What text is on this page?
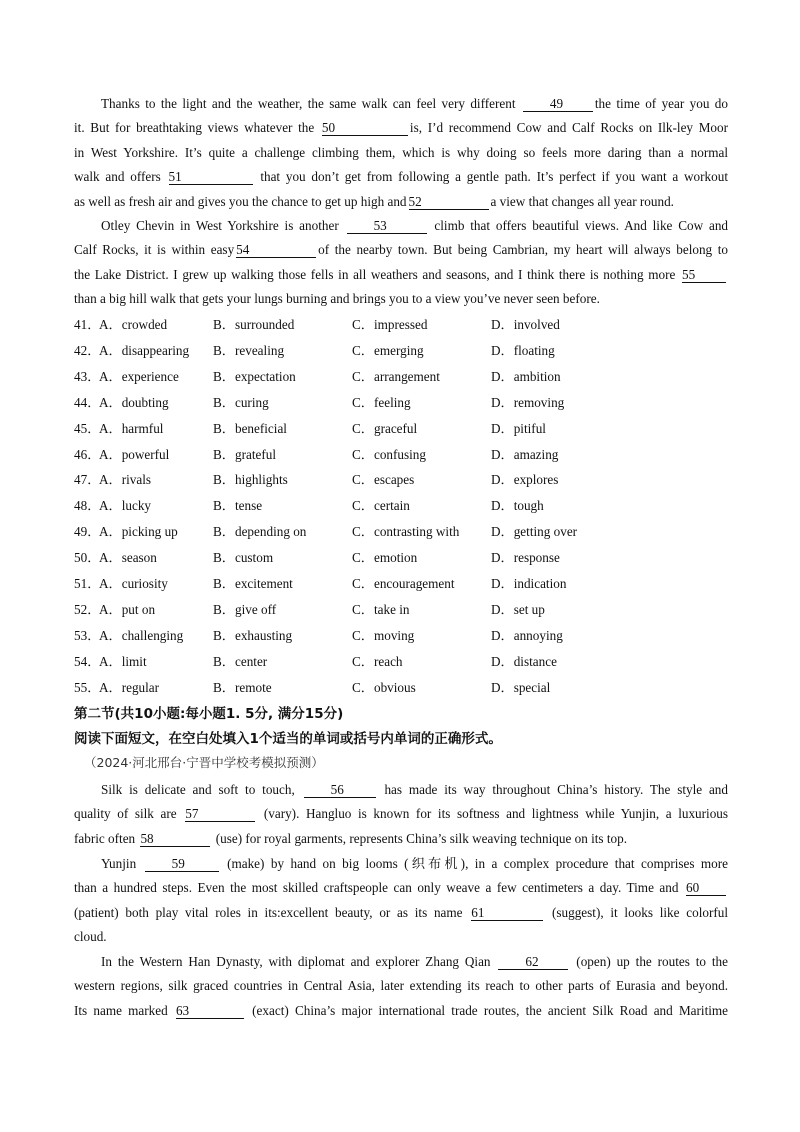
Thanks to the light and the weather, the same walk can feel very different	49 the time of year you do
it. But for breathtaking views whatever the 50	is, I’d recommend Cow and Calf Rocks on Ilk-ley Moor
in West Yorkshire. It’s quite a challenge climbing them, which is why doing so feels more daring than a normal
walk and offers 51	that you don’t get from following a gentle path. It’s perfect if you want a workout
as well as fresh air and gives you the chance to get up high and 52	a view that changes all year round.
Otley Chevin in West Yorkshire is another	53	climb that offers beautiful views. And like Cow and
Calf Rocks, it is within easy 54	of the nearby town. But being Cambrian, my heart will always belong to
the Lake District. I grew up walking those fells in all weathers and seasons, and I think there is nothing more 55
than a big hill walk that gets your lungs burning and brings you to a view you’ve never seen before.
41．
A．crowded	B．surrounded	C．impressed	D．involved
42．
A．disappearing B．revealing	C．emerging	D．floating
43．
A．experience	B．expectation	C．arrangement	D．ambition
44．
A．doubting	B．curing	C．feeling	D．removing
45．
A．harmful	B．beneficial	C．graceful	D．pitiful
46．
A．powerful	B．grateful	C．confusing	D．amazing
47．
A．rivals	B．highlights	C．escapes	D．explores
48．
A．lucky	B．tense	C．certain	D．tough
49．
A．picking up	B．depending on	C．contrasting with D．getting over
50．
A．season	B．custom	C．emotion	D．response
51．
A．curiosity	B．excitement	C．encouragement	D．indication
52．
A．put on	B．give off	C．take in	D．set up
53．
A．challenging B．exhausting	C．moving	D．annoying
54．
A．limit	B．center	C．reach	D．distance
55．
A．regular	B．remote	C．obvious	D．special
第二节(共10小题:每小题1. 5分, 满分15分)
阅读下面短文，在空白处填入1个适当的单词或括号内单词的正确形式。
（2024·河北邢台·宁晋中学校考模拟预测）
Silk is delicate and soft to touch,	56	has made its way throughout China’s history. The style and
quality of silk are 57	(vary). Hangluo is known for its softness and lightness while Yunjin, a luxurious
fabric often 58	(use) for royal garments, represents China’s silk weaving technique on its top.
Yunjin	59	(make) by hand on big looms (织布机), in a complex procedure that comprises more
than a hundred steps. Even the most skilled craftspeople can only weave a few centimeters a day. Time and 60
(patient) both play vital roles in its:excellent beauty, or as its name 61	(suggest), it looks like colorful
cloud.
In the Western Han Dynasty, with diplomat and explorer Zhang Qian	62	(open) up the routes to the
western regions, silk graced countries in Central Asia, later extending its reach to other parts of Eurasia and beyond.
Its name marked 63	(exact) China’s major international trade routes, the ancient Silk Road and Maritime
